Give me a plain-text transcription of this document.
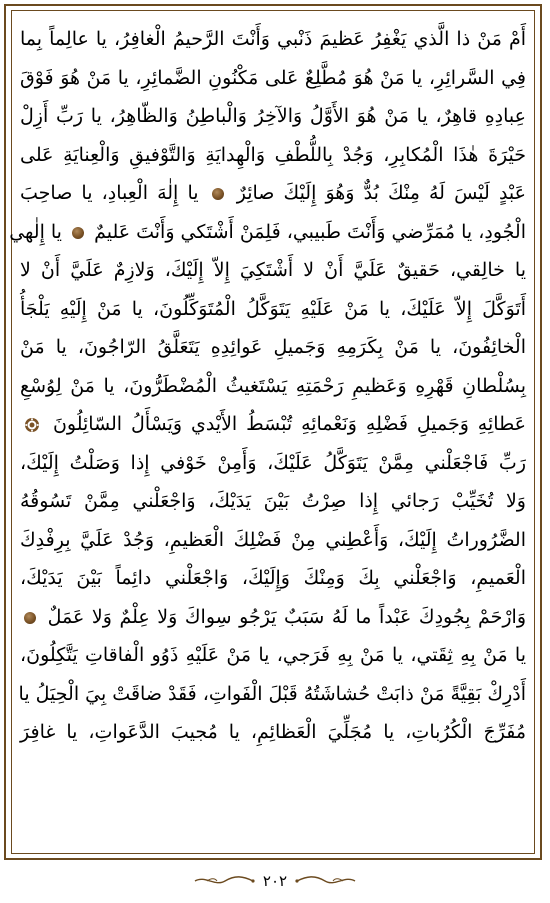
أَمْ مَنْ ذا الَّذي يَغْفِرُ عَظيمَ ذَنْبي وَأَنْتَ الرَّحيمُ الْغافِرُ، يا عالِماً بِما
فِي السَّرائِرِ، يا مَنْ هُوَ مُطَّلِعٌ عَلى مَكْنُونِ الضَّمائِرِ، يا مَنْ هُوَ فَوْقَ
عِبادِهِ قاهِرٌ، يا مَنْ هُوَ الأَوَّلُ وَالآخِرُ وَالْباطِنُ وَالظّاهِرُ، يا رَبِّ أَزِلْ
حَيْرَةَ هٰذَا الْمُكابِرِ، وَجُدْ بِاللُّطْفِ وَالْهِدايَةِ وَالتَّوْفيقِ وَالْعِنايَةِ عَلى
عَبْدٍ لَيْسَ لَهُ مِنْكَ بُدٌّ وَهُوَ إِلَيْكَ صائِرٌ  يا إِلٰهَ الْعِبادِ، يا صاحِبَ
الْجُودِ، يا مُمَرِّضي وَأَنْتَ طَبيبي، فَلِمَنْ أَشْتَكي وَأَنْتَ عَليمٌ  يا إِلٰهي
يا خالِقي، حَقيقٌ عَلَيَّ أَنْ لا أَشْتَكِيَ إِلاّ إِلَيْكَ، وَلازِمٌ عَلَيَّ أَنْ لا
أَتَوَكَّلَ إِلاّ عَلَيْكَ، يا مَنْ عَلَيْهِ يَتَوَكَّلُ الْمُتَوَكِّلُونَ، يا مَنْ إِلَيْهِ يَلْجَأُ
الْخائِفُونَ، يا مَنْ بِكَرَمِهِ وَجَميلِ عَوائِدِهِ يَتَعَلَّقُ الرّاجُونَ، يا مَنْ
بِسُلْطانِ قَهْرِهِ وَعَظيمِ رَحْمَتِهِ يَسْتَغيثُ الْمُضْطَرُّونَ، يا مَنْ لِوُسْعِ
عَطائِهِ وَجَميلِ فَضْلِهِ وَنَعْمائِهِ تُبْسَطُ الأَيْدي وَيَسْأَلُ السّائِلُونَ
رَبِّ فَاجْعَلْني مِمَّنْ يَتَوَكَّلُ عَلَيْكَ، وَأَمِنْ خَوْفي إِذا وَصَلْتُ إِلَيْكَ،
وَلا تُخَيِّبْ رَجائي إِذا صِرْتُ بَيْنَ يَدَيْكَ، وَاجْعَلْني مِمَّنْ تَسُوقُهُ
الضَّرُوراتُ إِلَيْكَ، وَأَعْطِني مِنْ فَضْلِكَ الْعَظيمِ، وَجُدْ عَلَيَّ بِرِفْدِكَ
الْعَميمِ، وَاجْعَلْني بِكَ وَمِنْكَ وَإِلَيْكَ، وَاجْعَلْني دائِماً بَيْنَ يَدَيْكَ،
وَارْحَمْ بِجُودِكَ عَبْداً ما لَهُ سَبَبٌ يَرْجُو سِواكَ وَلا عِلْمٌ وَلا عَمَلٌ
يا مَنْ بِهِ ثِقَتي، يا مَنْ بِهِ فَرَجي، يا مَنْ عَلَيْهِ ذَوُو الْفاقاتِ يَتَّكِلُونَ،
أَدْرِكْ بَقِيَّةً مَنْ ذابَتْ حُشاشَتُهُ قَبْلَ الْفَواتِ، فَقَدْ ضاقَتْ بِيَ الْحِيَلُ يا
مُفَرِّجَ الْكُرُباتِ، يا مُجَلِّيَ الْعَظائِمِ، يا مُجيبَ الدَّعَواتِ، يا غافِرَ
٢٠٢
